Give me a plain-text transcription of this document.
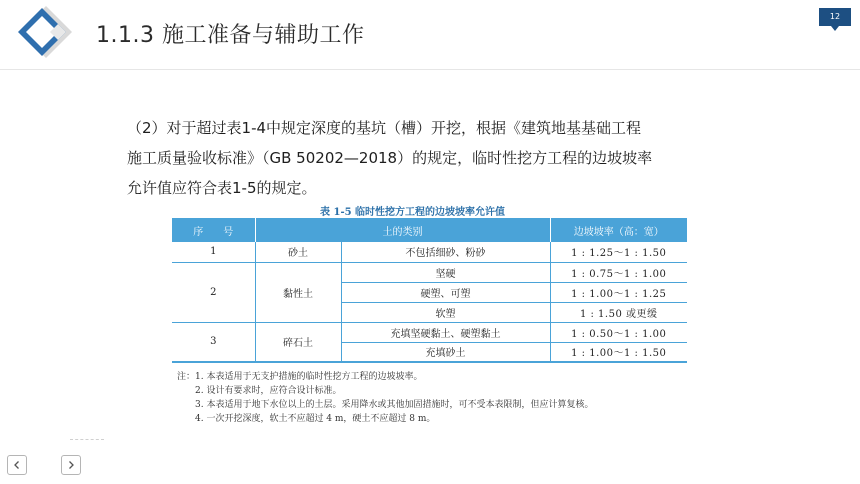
1.1.3 施工准备与辅助工作
12
（2）对于超过表1-4中规定深度的基坑（槽）开挖，根据《建筑地基基础工程
施工质量验收标准》（GB 50202—2018）的规定，临时性挖方工程的边坡坡率
允许值应符合表1-5的规定。
表 1-5 临时性挖方工程的边坡坡率允许值
序　　号	土的类别		边坡坡率（高：宽）
1	砂土	不包括细砂、粉砂	1 : 1.25～1 : 1.50
2	黏性土	坚硬	1 : 0.75～1 : 1.00
		硬塑、可塑	1 : 1.00～1 : 1.25
		软塑	1 : 1.50 或更缓
3	碎石土	充填坚硬黏土、硬塑黏土	1 : 0.50～1 : 1.00
		充填砂土	1 : 1.00～1 : 1.50
注：1. 本表适用于无支护措施的临时性挖方工程的边坡坡率。
2. 设计有要求时，应符合设计标准。
3. 本表适用于地下水位以上的土层。采用降水或其他加固措施时，可不受本表限制，但应计算复核。
4. 一次开挖深度，软土不应超过 4 m，硬土不应超过 8 m。
